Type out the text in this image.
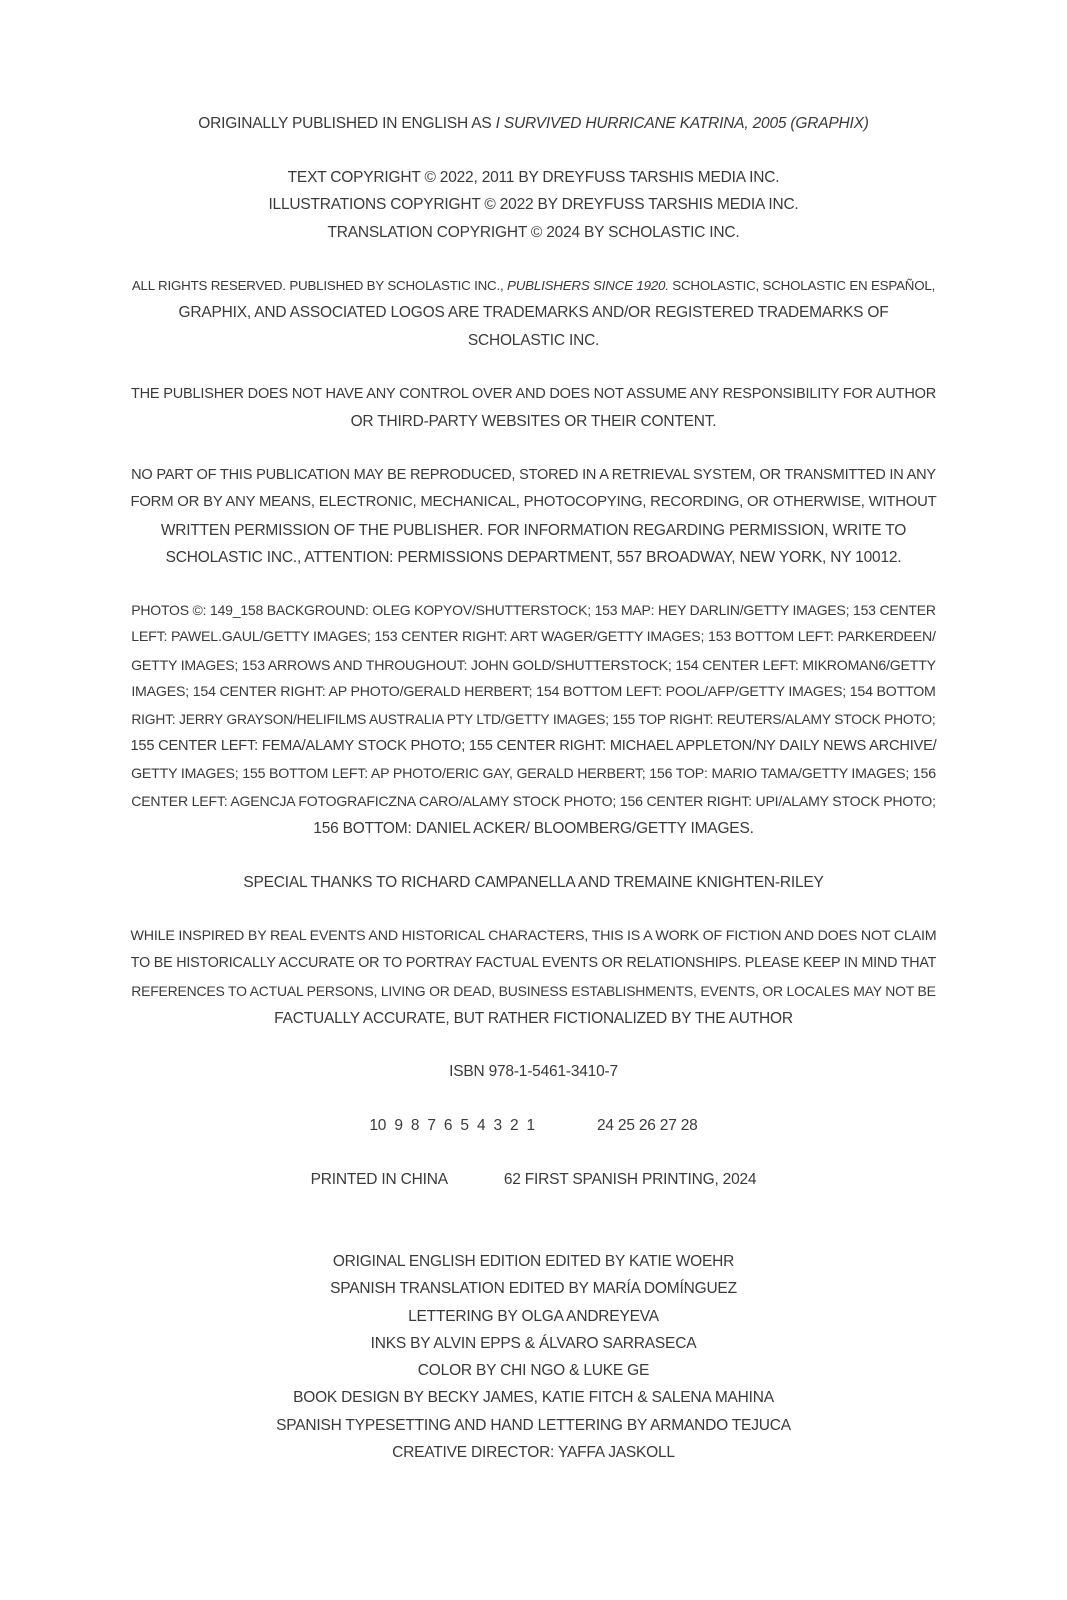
ORIGINALLY PUBLISHED IN ENGLISH AS I SURVIVED HURRICANE KATRINA, 2005 (GRAPHIX)

TEXT COPYRIGHT © 2022, 2011 BY DREYFUSS TARSHIS MEDIA INC.
ILLUSTRATIONS COPYRIGHT © 2022 BY DREYFUSS TARSHIS MEDIA INC.
TRANSLATION COPYRIGHT © 2024 BY SCHOLASTIC INC.

ALL RIGHTS RESERVED. PUBLISHED BY SCHOLASTIC INC., PUBLISHERS SINCE 1920. SCHOLASTIC, SCHOLASTIC EN ESPAÑOL,
GRAPHIX, AND ASSOCIATED LOGOS ARE TRADEMARKS AND/OR REGISTERED TRADEMARKS OF
SCHOLASTIC INC.

THE PUBLISHER DOES NOT HAVE ANY CONTROL OVER AND DOES NOT ASSUME ANY RESPONSIBILITY FOR AUTHOR
OR THIRD-PARTY WEBSITES OR THEIR CONTENT.

NO PART OF THIS PUBLICATION MAY BE REPRODUCED, STORED IN A RETRIEVAL SYSTEM, OR TRANSMITTED IN ANY
FORM OR BY ANY MEANS, ELECTRONIC, MECHANICAL, PHOTOCOPYING, RECORDING, OR OTHERWISE, WITHOUT
WRITTEN PERMISSION OF THE PUBLISHER. FOR INFORMATION REGARDING PERMISSION, WRITE TO
SCHOLASTIC INC., ATTENTION: PERMISSIONS DEPARTMENT, 557 BROADWAY, NEW YORK, NY 10012.

PHOTOS ©: 149_158 BACKGROUND: OLEG KOPYOV/SHUTTERSTOCK; 153 MAP: HEY DARLIN/GETTY IMAGES; 153 CENTER
LEFT: PAWEL.GAUL/GETTY IMAGES; 153 CENTER RIGHT: ART WAGER/GETTY IMAGES; 153 BOTTOM LEFT: PARKERDEEN/
GETTY IMAGES; 153 ARROWS AND THROUGHOUT: JOHN GOLD/SHUTTERSTOCK; 154 CENTER LEFT: MIKROMAN6/GETTY
IMAGES; 154 CENTER RIGHT: AP PHOTO/GERALD HERBERT; 154 BOTTOM LEFT: POOL/AFP/GETTY IMAGES; 154 BOTTOM
RIGHT: JERRY GRAYSON/HELIFILMS AUSTRALIA PTY LTD/GETTY IMAGES; 155 TOP RIGHT: REUTERS/ALAMY STOCK PHOTO;
155 CENTER LEFT: FEMA/ALAMY STOCK PHOTO; 155 CENTER RIGHT: MICHAEL APPLETON/NY DAILY NEWS ARCHIVE/
GETTY IMAGES; 155 BOTTOM LEFT: AP PHOTO/ERIC GAY, GERALD HERBERT; 156 TOP: MARIO TAMA/GETTY IMAGES; 156
CENTER LEFT: AGENCJA FOTOGRAFICZNA CARO/ALAMY STOCK PHOTO; 156 CENTER RIGHT: UPI/ALAMY STOCK PHOTO;
156 BOTTOM: DANIEL ACKER/ BLOOMBERG/GETTY IMAGES.

SPECIAL THANKS TO RICHARD CAMPANELLA AND TREMAINE KNIGHTEN-RILEY

WHILE INSPIRED BY REAL EVENTS AND HISTORICAL CHARACTERS, THIS IS A WORK OF FICTION AND DOES NOT CLAIM
TO BE HISTORICALLY ACCURATE OR TO PORTRAY FACTUAL EVENTS OR RELATIONSHIPS. PLEASE KEEP IN MIND THAT
REFERENCES TO ACTUAL PERSONS, LIVING OR DEAD, BUSINESS ESTABLISHMENTS, EVENTS, OR LOCALES MAY NOT BE
FACTUALLY ACCURATE, BUT RATHER FICTIONALIZED BY THE AUTHOR

ISBN 978-1-5461-3410-7

10 9 8 7 6 5 4 3 2 1	24 25 26 27 28

PRINTED IN CHINA	62 FIRST SPANISH PRINTING, 2024

ORIGINAL ENGLISH EDITION EDITED BY KATIE WOEHR
SPANISH TRANSLATION EDITED BY MARÍA DOMÍNGUEZ
LETTERING BY OLGA ANDREYEVA
INKS BY ALVIN EPPS & ÁLVARO SARRASECA
COLOR BY CHI NGO & LUKE GE
BOOK DESIGN BY BECKY JAMES, KATIE FITCH & SALENA MAHINA
SPANISH TYPESETTING AND HAND LETTERING BY ARMANDO TEJUCA
CREATIVE DIRECTOR: YAFFA JASKOLL
